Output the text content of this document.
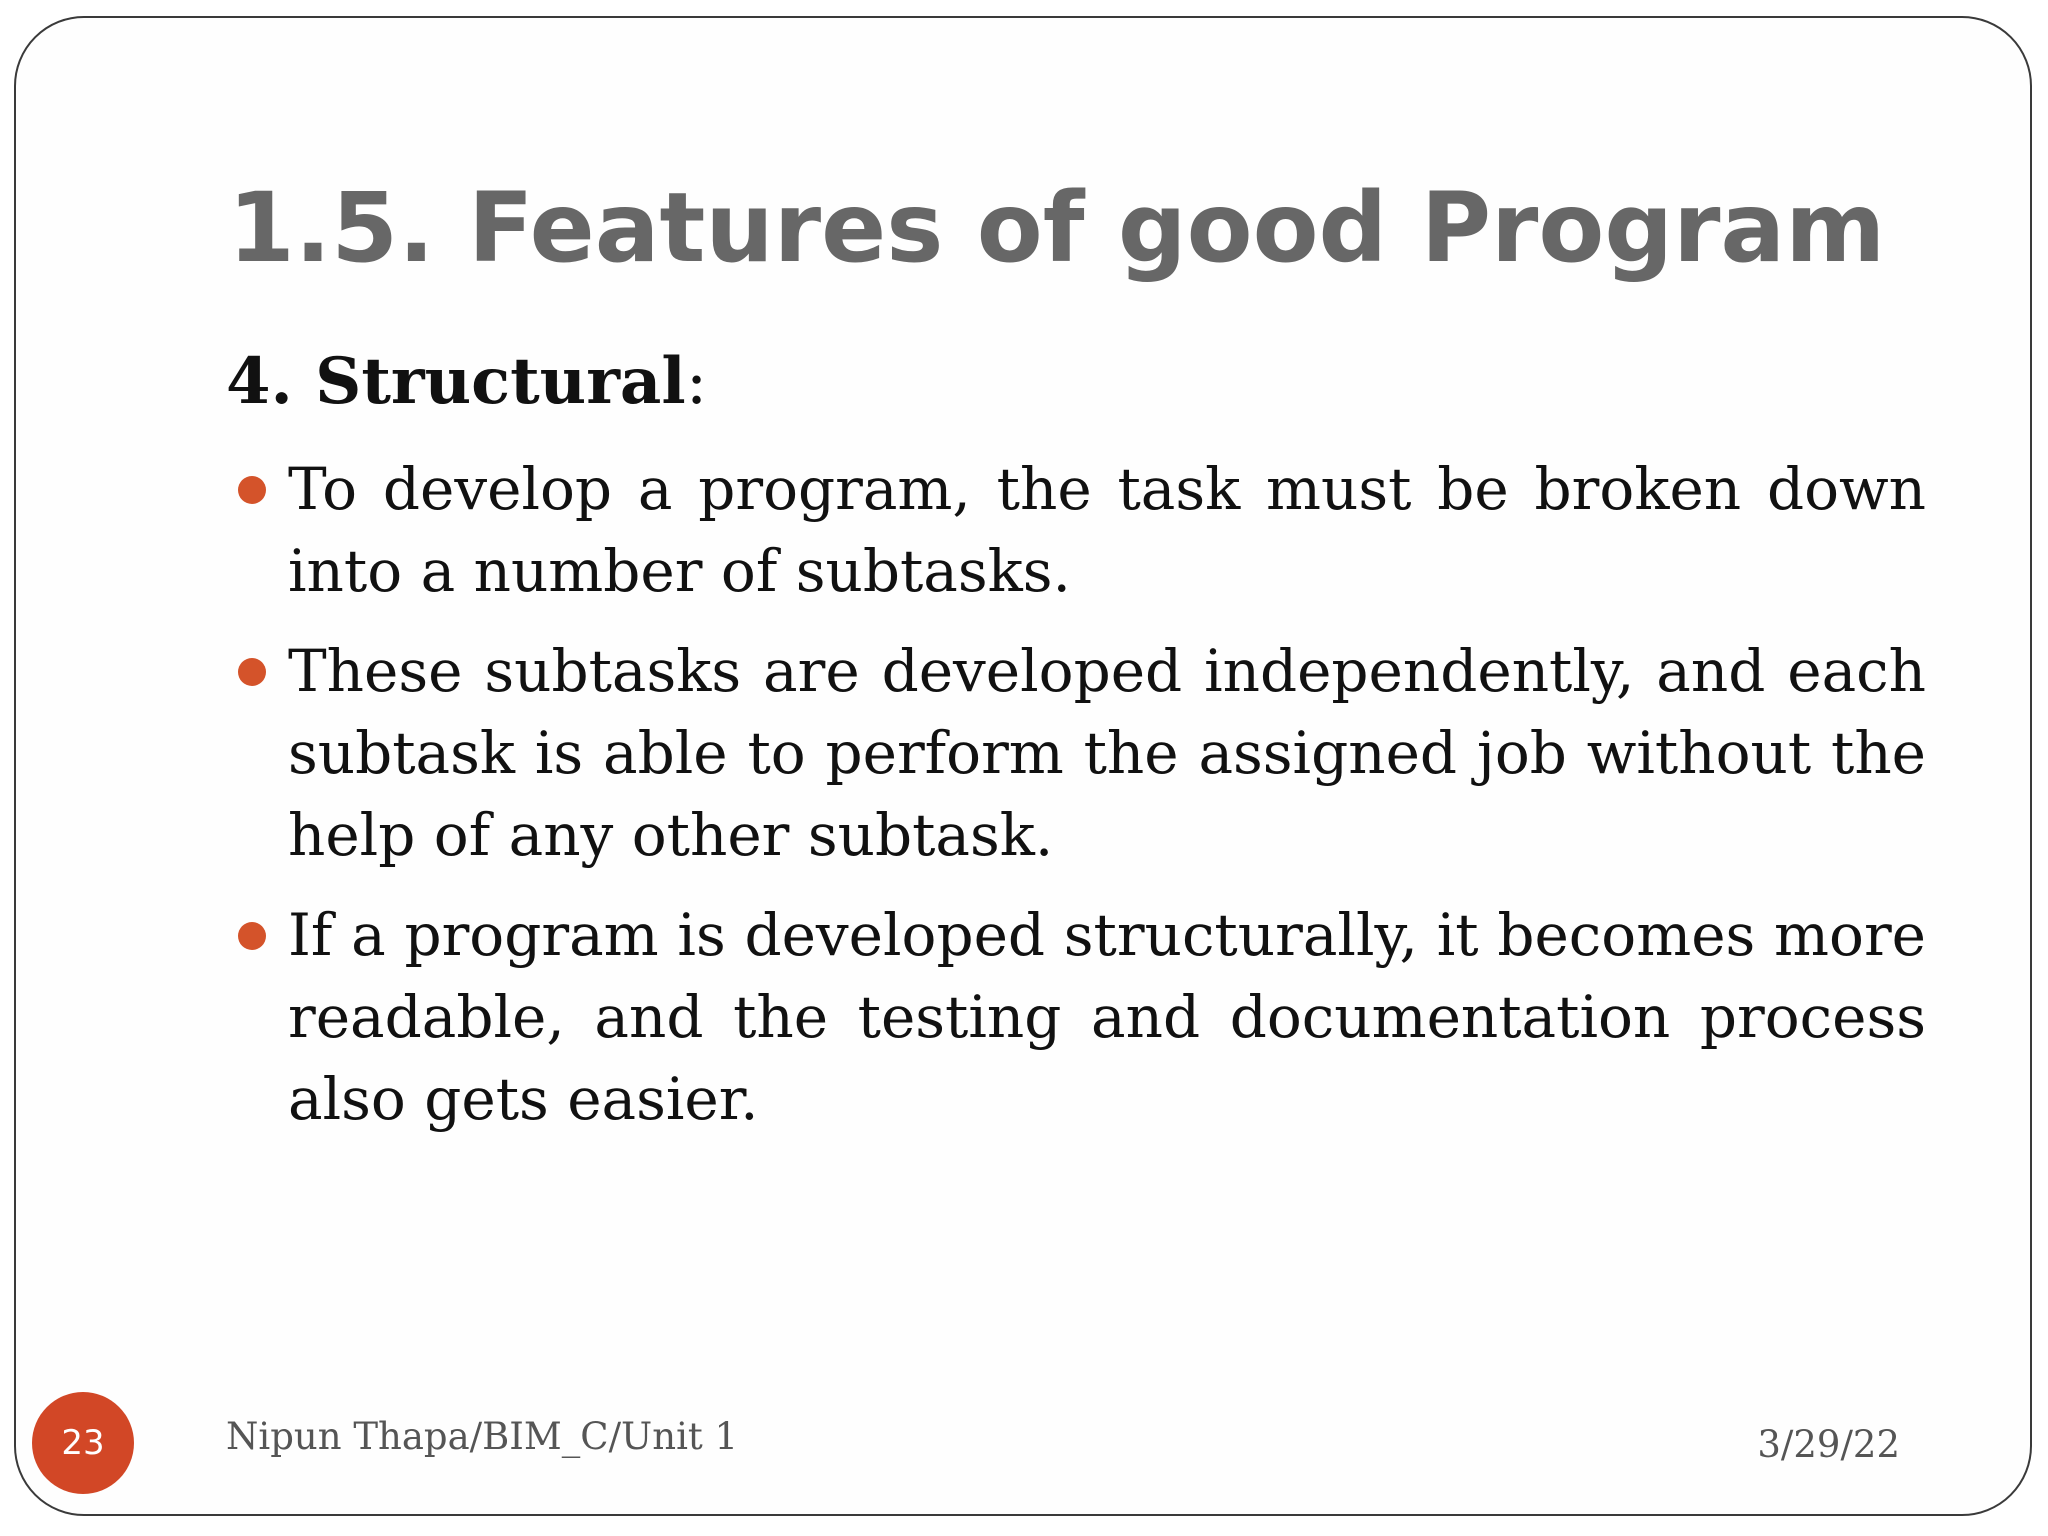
1.5. Features of good Program

4. Structural:

To develop a program, the task must be broken down into a number of subtasks.
These subtasks are developed independently, and each subtask is able to perform the assigned job without the help of any other subtask.
If a program is developed structurally, it becomes more readable, and the testing and documentation process also gets easier.
23	Nipun Thapa/BIM_C/Unit 1	3/29/22
